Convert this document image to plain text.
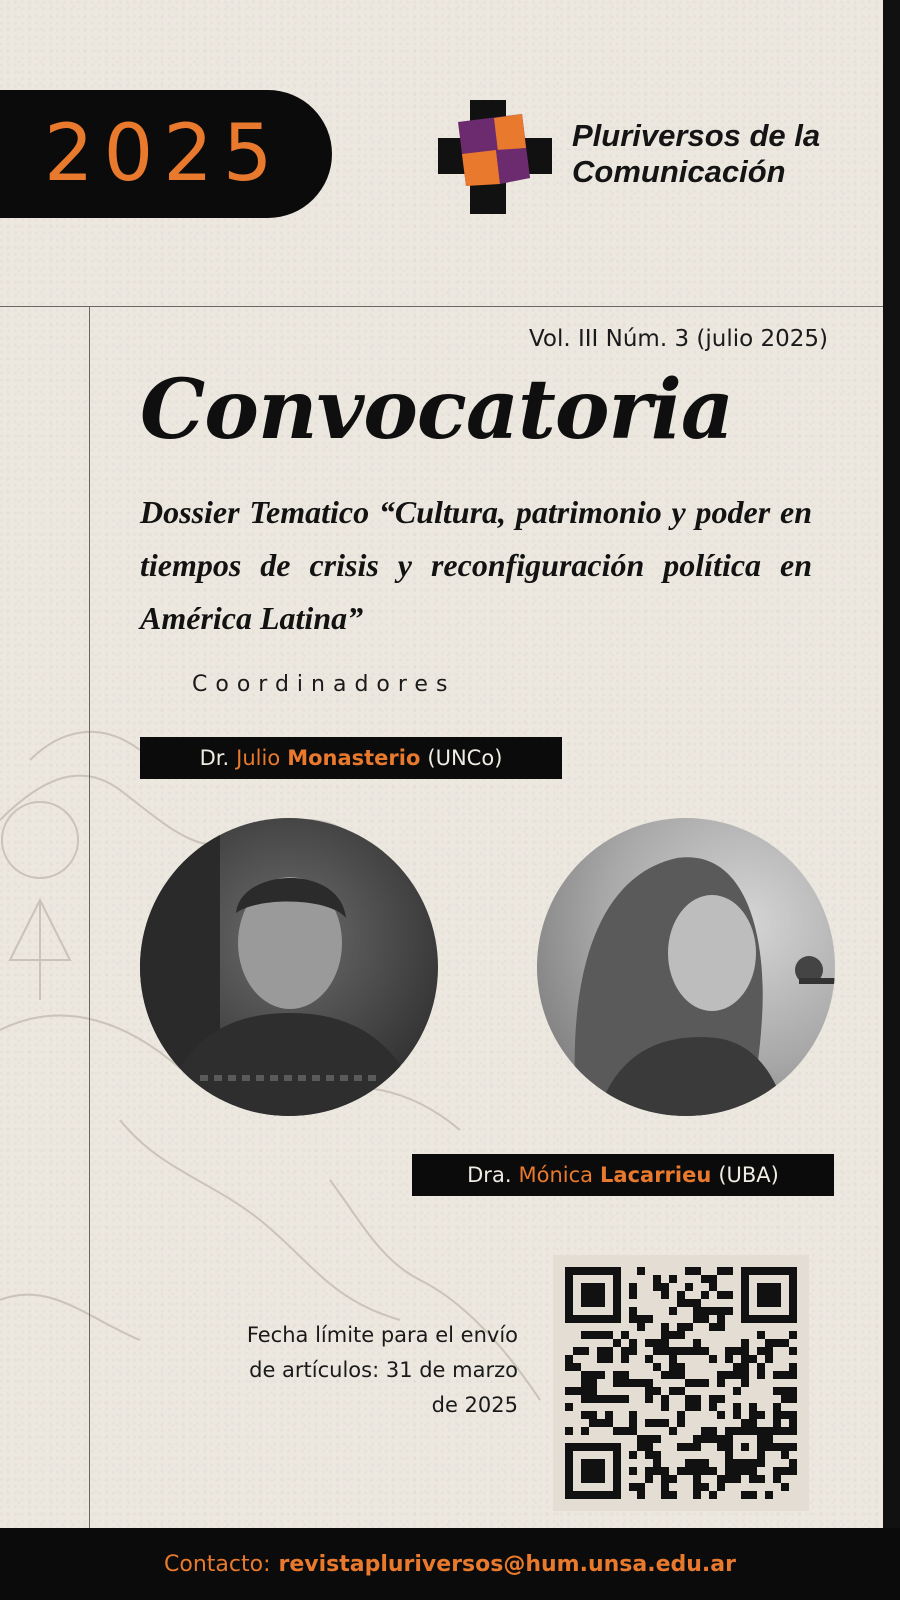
2025	Pluriversos de la
Comunicación
Vol. III Núm. 3 (julio 2025)
Convocatoria
Dossier Tematico “Cultura, patrimonio y poder en tiempos de crisis y reconfiguración política en América Latina”
Coordinadores
Dr. Julio Monasterio (UNCo)
Dra. Mónica Lacarrieu (UBA)
Fecha límite para el envío
de artículos: 31 de marzo
de 2025
Contacto: revistapluriversos@hum.unsa.edu.ar
